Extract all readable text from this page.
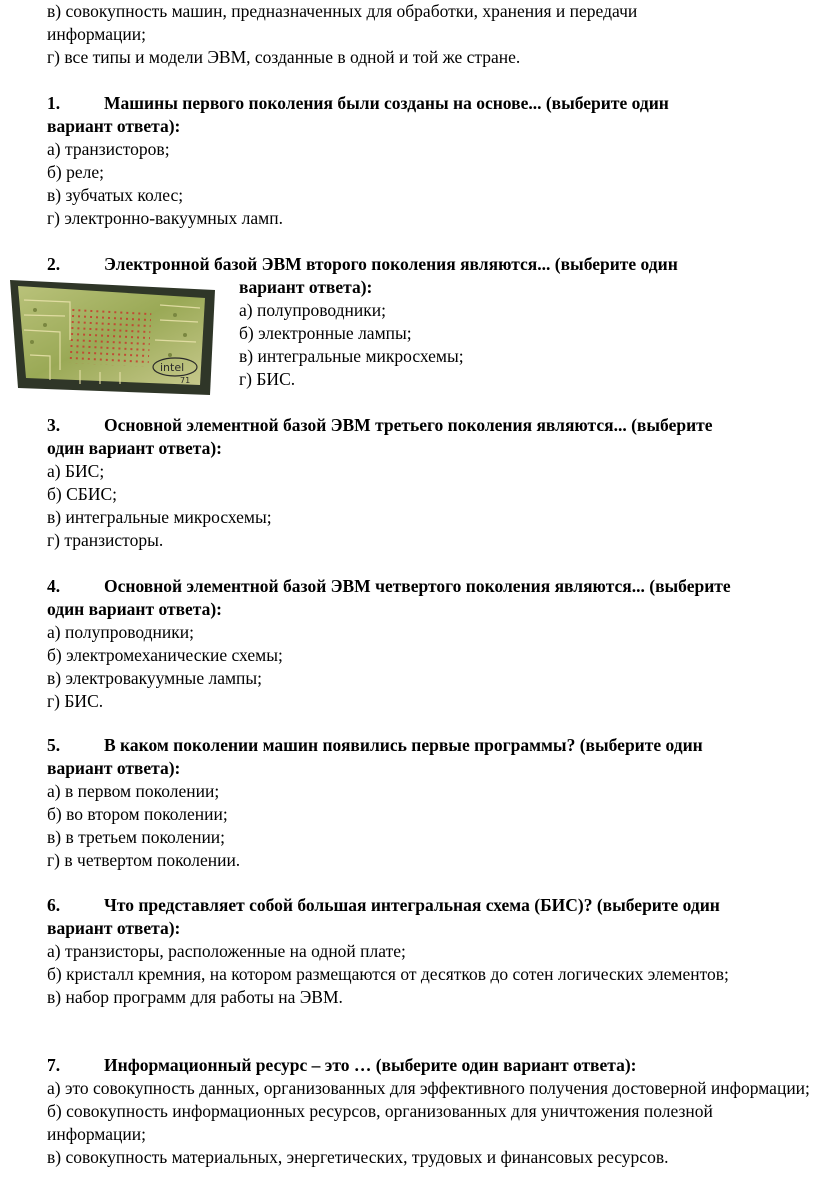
в) совокупность машин, предназначенных для обработки, хранения и передачи
информации;
г) все типы и модели ЭВМ, созданные в одной и той же стране.
1.	Машины первого поколения были созданы на основе... (выберите один
вариант ответа):
а) транзисторов;
б) реле;
в) зубчатых колес;
г) электронно-вакуумных ламп.
2.	Электронной базой ЭВМ второго поколения являются... (выберите один
вариант ответа):
а) полупроводники;
б) электронные лампы;
в) интегральные микросхемы;
г) БИС.
intel
71
3.	Основной элементной базой ЭВМ третьего поколения являются... (выберите
один вариант ответа):
а) БИС;
б) СБИС;
в) интегральные микросхемы;
г) транзисторы.
4.	Основной элементной базой ЭВМ четвертого поколения являются... (выберите
один вариант ответа):
а) полупроводники;
б) электромеханические схемы;
в) электровакуумные лампы;
г) БИС.
5.	В каком поколении машин появились первые программы? (выберите один
вариант ответа):
а) в первом поколении;
б) во втором поколении;
в) в третьем поколении;
г) в четвертом поколении.
6.	Что представляет собой большая интегральная схема (БИС)? (выберите один
вариант ответа):
а) транзисторы, расположенные на одной плате;
б) кристалл кремния, на котором размещаются от десятков до сотен логических элементов;
в) набор программ для работы на ЭВМ.
7.	Информационный ресурс – это … (выберите один вариант ответа):
а) это совокупность данных, организованных для эффективного получения достоверной информации;
б) совокупность информационных ресурсов, организованных для уничтожения полезной информации;
в) совокупность материальных, энергетических, трудовых и финансовых ресурсов.
